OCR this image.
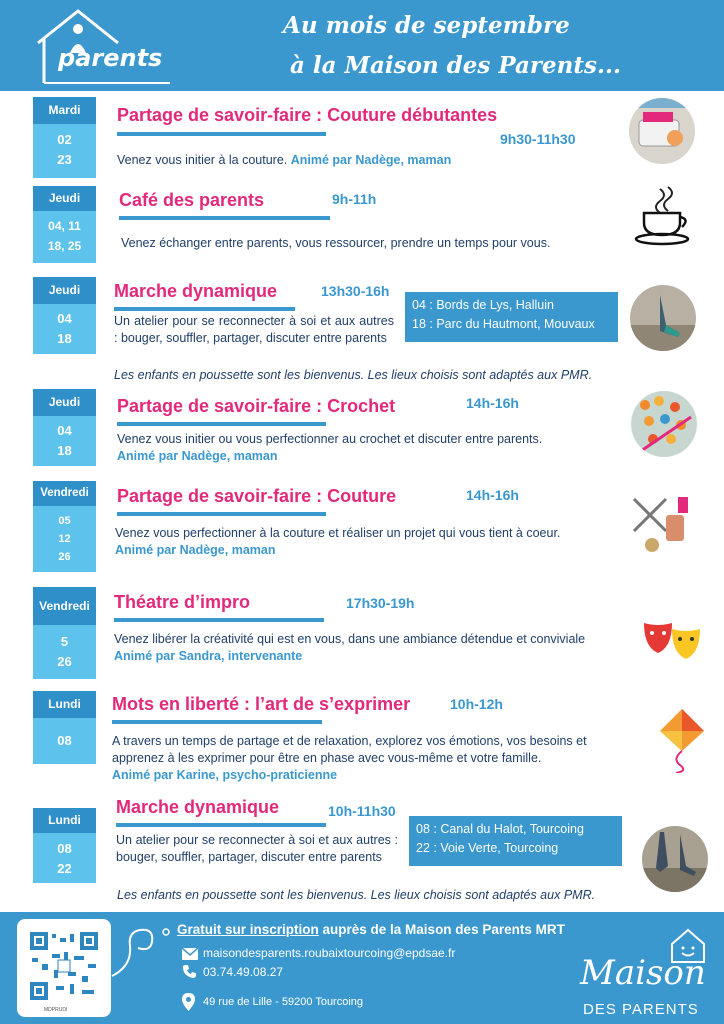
parents
Au mois de septembre
à la Maison des Parents...
Mardi
02
23
Partage de savoir-faire : Couture débutantes
9h30-11h30
Venez vous initier à la couture. Animé par Nadège, maman
Jeudi
04, 11
18, 25
Café des parents	9h-11h
Venez échanger entre parents, vous ressourcer, prendre un temps pour vous.
Jeudi
04
18
Marche dynamique	13h30-16h
Un atelier pour se reconnecter à soi et aux autres : bouger, souffler, partager, discuter entre parents
04 : Bords de Lys, Halluin
18 : Parc du Hautmont, Mouvaux
Les enfants en poussette sont les bienvenus. Les lieux choisis sont adaptés aux PMR.
Jeudi
04
18
Partage de savoir-faire : Crochet	14h-16h
Venez vous initier ou vous perfectionner au crochet et discuter entre parents.
Animé par Nadège, maman
Vendredi
05
12
26
Partage de savoir-faire : Couture	14h-16h
Venez vous perfectionner à la couture et réaliser un projet qui vous tient à coeur.
Animé par Nadège, maman
Vendredi
5
26
Théatre d’impro	17h30-19h
Venez libérer la créativité qui est en vous, dans une ambiance détendue et conviviale
Animé par Sandra, intervenante
Lundi
08
Mots en liberté : l’art de s’exprimer	10h-12h
A travers un temps de partage et de relaxation, explorez vos émotions, vos besoins et apprenez à les exprimer pour être en phase avec vous-même et votre famille.
Animé par Karine, psycho-praticienne
Lundi
08
22
Marche dynamique	10h-11h30
Un atelier pour se reconnecter à soi et aux autres : bouger, souffler, partager, discuter entre parents
08 : Canal du Halot, Tourcoing
22 : Voie Verte, Tourcoing
Les enfants en poussette sont les bienvenus. Les lieux choisis sont adaptés aux PMR.
MDPRUDI
Gratuit sur inscription auprès de la Maison des Parents MRT
maisondesparents.roubaixtourcoing@epdsae.fr
03.74.49.08.27
49 rue de Lille - 59200 Tourcoing
Maison
DES PARENTS
